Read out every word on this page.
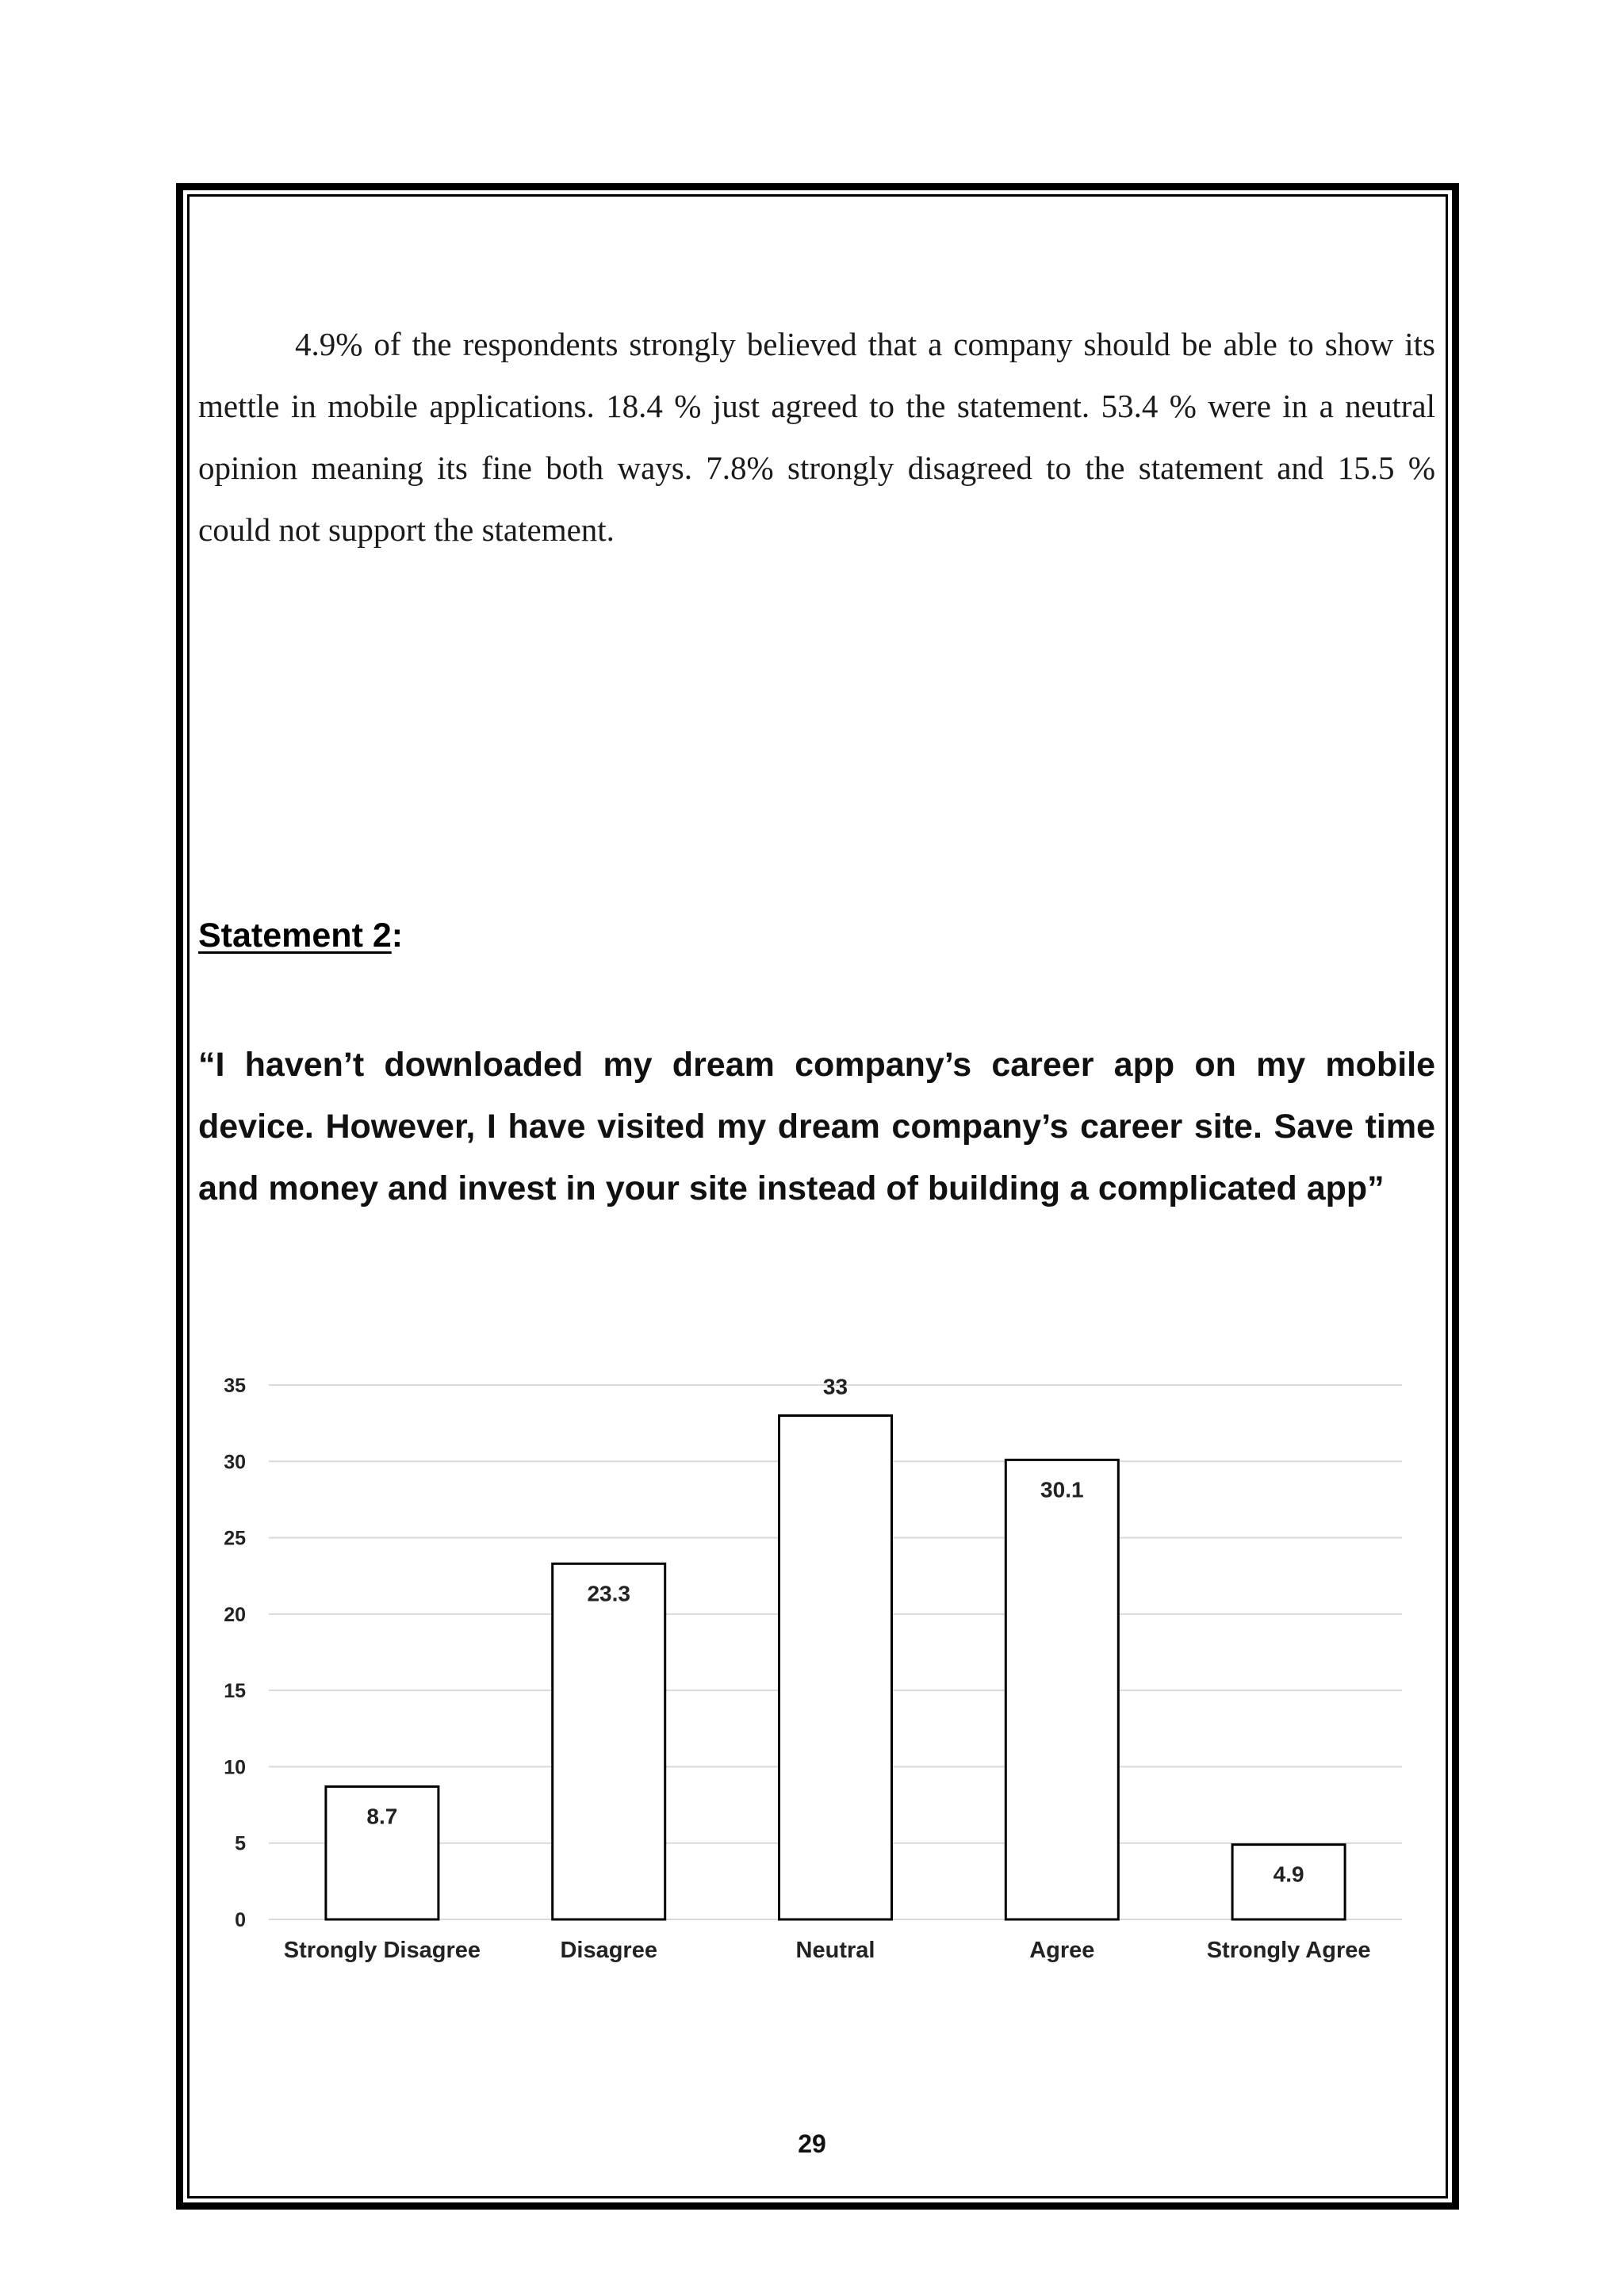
4.9% of the respondents strongly believed that a company should be able to show its mettle in mobile applications. 18.4 % just agreed to the statement. 53.4 % were in a neutral opinion meaning its fine both ways. 7.8% strongly disagreed to the statement and 15.5 % could not support the statement.

Statement 2:

“I haven’t downloaded my dream company’s career app on my mobile device. However, I have visited my dream company’s career site. Save time and money and invest in your site instead of building a complicated app”

0
5
10
15
20
25
30
35
8.7
23.3
33
30.1
4.9
Strongly Disagree	Disagree	Neutral	Agree	Strongly Agree
29
